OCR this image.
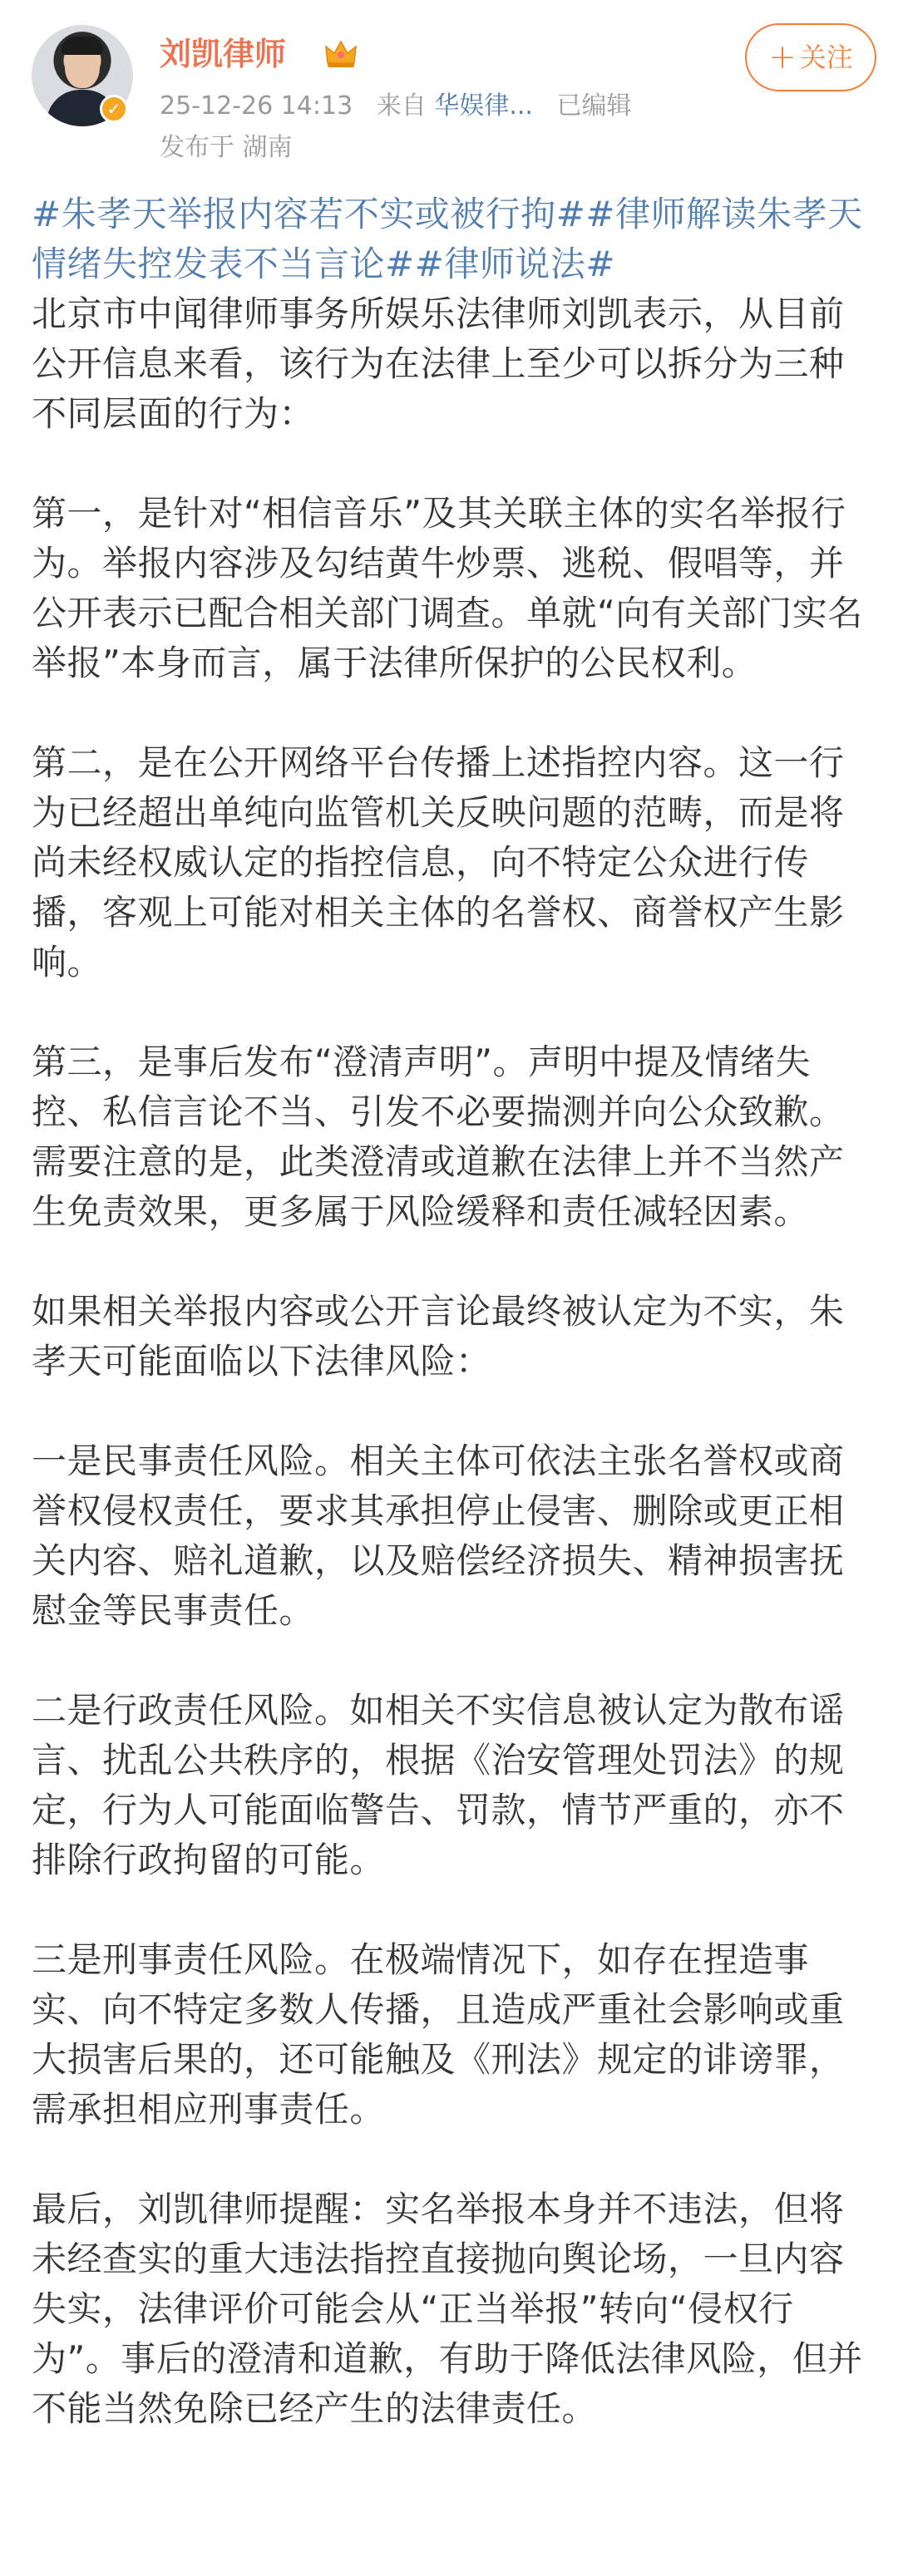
✓
刘凯律师
25-12-26 14:13 来自 华娱律... 已编辑
发布于 湖南
+ 关注

#朱孝天举报内容若不实或被行拘##律师解读朱孝天情绪失控发表不当言论##律师说法#

北京市中闻律师事务所娱乐法律师刘凯表示，从目前公开信息来看，该行为在法律上至少可以拆分为三种不同层面的行为：

第一，是针对“相信音乐”及其关联主体的实名举报行为。举报内容涉及勾结黄牛炒票、逃税、假唱等，并公开表示已配合相关部门调查。单就“向有关部门实名举报”本身而言，属于法律所保护的公民权利。

第二，是在公开网络平台传播上述指控内容。这一行为已经超出单纯向监管机关反映问题的范畴，而是将尚未经权威认定的指控信息，向不特定公众进行传播，客观上可能对相关主体的名誉权、商誉权产生影响。

第三，是事后发布“澄清声明”。声明中提及情绪失控、私信言论不当、引发不必要揣测并向公众致歉。需要注意的是，此类澄清或道歉在法律上并不当然产生免责效果，更多属于风险缓释和责任减轻因素。

如果相关举报内容或公开言论最终被认定为不实，朱孝天可能面临以下法律风险：

一是民事责任风险。相关主体可依法主张名誉权或商誉权侵权责任，要求其承担停止侵害、删除或更正相关内容、赔礼道歉，以及赔偿经济损失、精神损害抚慰金等民事责任。

二是行政责任风险。如相关不实信息被认定为散布谣言、扰乱公共秩序的，根据《治安管理处罚法》的规定，行为人可能面临警告、罚款，情节严重的，亦不排除行政拘留的可能。

三是刑事责任风险。在极端情况下，如存在捏造事实、向不特定多数人传播，且造成严重社会影响或重大损害后果的，还可能触及《刑法》规定的诽谤罪，需承担相应刑事责任。

最后，刘凯律师提醒：实名举报本身并不违法，但将未经查实的重大违法指控直接抛向舆论场，一旦内容失实，法律评价可能会从“正当举报”转向“侵权行为”。事后的澄清和道歉，有助于降低法律风险，但并不能当然免除已经产生的法律责任。
